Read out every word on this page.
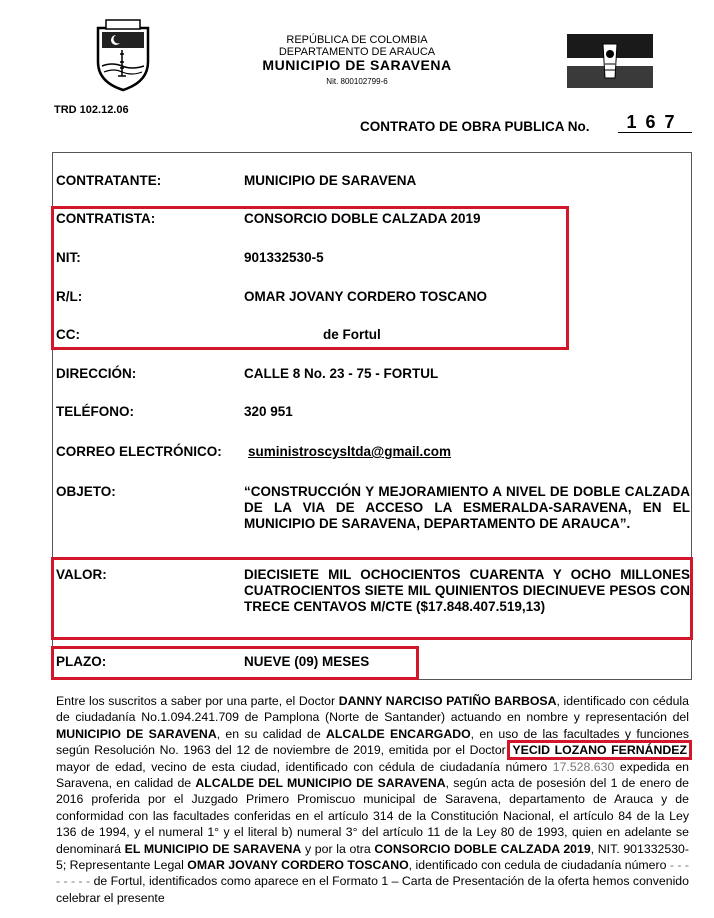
REPÚBLICA DE COLOMBIA
DEPARTAMENTO DE ARAUCA
MUNICIPIO DE SARAVENA
Nit. 800102799-6
TRD 102.12.06
CONTRATO DE OBRA PUBLICA No.	167
CONTRATANTE:	MUNICIPIO DE SARAVENA
CONTRATISTA:	CONSORCIO DOBLE CALZADA 2019
NIT:	901332530-5
R/L:	OMAR JOVANY CORDERO TOSCANO
CC:	de Fortul
DIRECCIÓN:	CALLE 8 No. 23 - 75 - FORTUL
TELÉFONO:	320 951
CORREO ELECTRÓNICO: suministroscysltda@gmail.com
OBJETO:	“CONSTRUCCIÓN Y MEJORAMIENTO A NIVEL DE DOBLE CALZADA DE LA VIA DE ACCESO LA ESMERALDA-SARAVENA, EN EL MUNICIPIO DE SARAVENA, DEPARTAMENTO DE ARAUCA”.
VALOR:	DIECISIETE MIL OCHOCIENTOS CUARENTA Y OCHO MILLONES CUATROCIENTOS SIETE MIL QUINIENTOS DIECINUEVE PESOS CON TRECE CENTAVOS M/CTE ($17.848.407.519,13)
PLAZO:	NUEVE (09) MESES
Entre los suscritos a saber por una parte, el Doctor DANNY NARCISO PATIÑO BARBOSA, identificado con cédula de ciudadanía No.1.094.241.709 de Pamplona (Norte de Santander) actuando en nombre y representación del MUNICIPIO DE SARAVENA, en su calidad de ALCALDE ENCARGADO, en uso de las facultades y funciones según Resolución No. 1963 del 12 de noviembre de 2019, emitida por el Doctor YECID LOZANO FERNÁNDEZ mayor de edad, vecino de esta ciudad, identificado con cédula de ciudadanía número 17.528.630 expedida en Saravena, en calidad de ALCALDE DEL MUNICIPIO DE SARAVENA, según acta de posesión del 1 de enero de 2016 proferida por el Juzgado Primero Promiscuo municipal de Saravena, departamento de Arauca y de conformidad con las facultades conferidas en el artículo 314 de la Constitución Nacional, el artículo 84 de la Ley 136 de 1994, y el numeral 1° y el literal b) numeral 3° del artículo 11 de la Ley 80 de 1993, quien en adelante se denominará EL MUNICIPIO DE SARAVENA y por la otra CONSORCIO DOBLE CALZADA 2019, NIT. 901332530-5; Representante Legal OMAR JOVANY CORDERO TOSCANO, identificado con cedula de ciudadanía número - - - - - - - - de Fortul, identificados como aparece en el Formato 1 – Carta de Presentación de la oferta hemos convenido celebrar el presente
